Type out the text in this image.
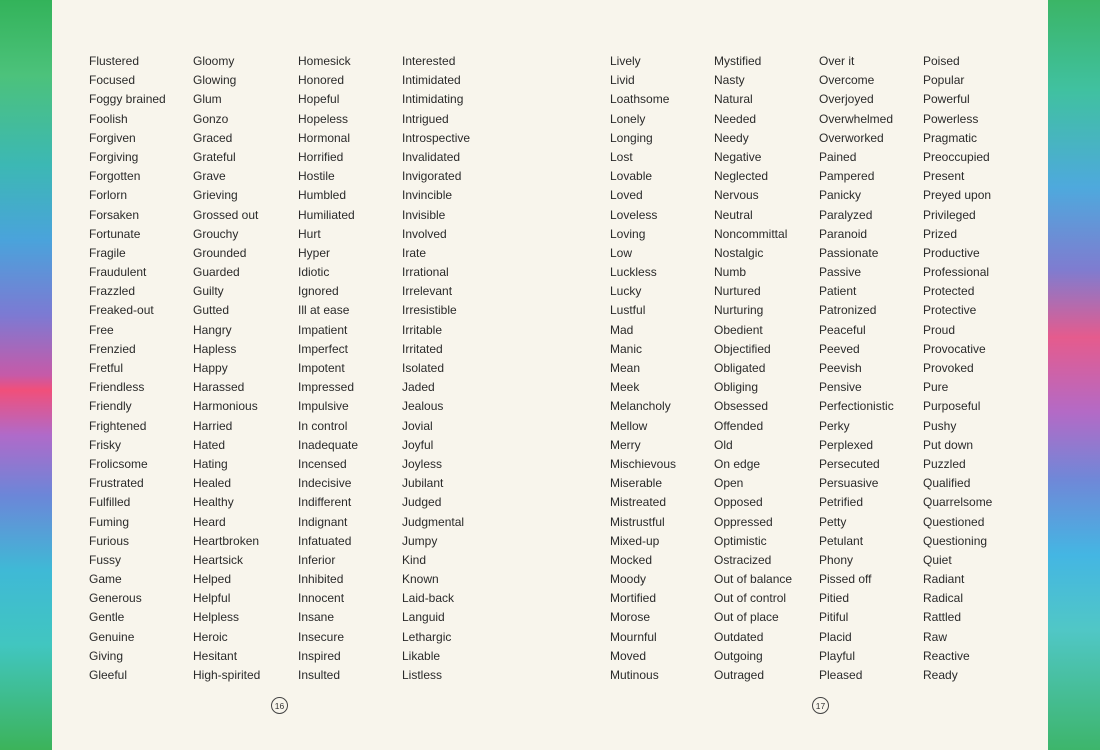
Flustered
Focused
Foggy brained
Foolish
Forgiven
Forgiving
Forgotten
Forlorn
Forsaken
Fortunate
Fragile
Fraudulent
Frazzled
Freaked-out
Free
Frenzied
Fretful
Friendless
Friendly
Frightened
Frisky
Frolicsome
Frustrated
Fulfilled
Fuming
Furious
Fussy
Game
Generous
Gentle
Genuine
Giving
Gleeful
Gloomy
Glowing
Glum
Gonzo
Graced
Grateful
Grave
Grieving
Grossed out
Grouchy
Grounded
Guarded
Guilty
Gutted
Hangry
Hapless
Happy
Harassed
Harmonious
Harried
Hated
Hating
Healed
Healthy
Heard
Heartbroken
Heartsick
Helped
Helpful
Helpless
Heroic
Hesitant
High-spirited
Homesick
Honored
Hopeful
Hopeless
Hormonal
Horrified
Hostile
Humbled
Humiliated
Hurt
Hyper
Idiotic
Ignored
Ill at ease
Impatient
Imperfect
Impotent
Impressed
Impulsive
In control
Inadequate
Incensed
Indecisive
Indifferent
Indignant
Infatuated
Inferior
Inhibited
Innocent
Insane
Insecure
Inspired
Insulted
Interested
Intimidated
Intimidating
Intrigued
Introspective
Invalidated
Invigorated
Invincible
Invisible
Involved
Irate
Irrational
Irrelevant
Irresistible
Irritable
Irritated
Isolated
Jaded
Jealous
Jovial
Joyful
Joyless
Jubilant
Judged
Judgmental
Jumpy
Kind
Known
Laid-back
Languid
Lethargic
Likable
Listless
16
Lively
Livid
Loathsome
Lonely
Longing
Lost
Lovable
Loved
Loveless
Loving
Low
Luckless
Lucky
Lustful
Mad
Manic
Mean
Meek
Melancholy
Mellow
Merry
Mischievous
Miserable
Mistreated
Mistrustful
Mixed-up
Mocked
Moody
Mortified
Morose
Mournful
Moved
Mutinous
Mystified
Nasty
Natural
Needed
Needy
Negative
Neglected
Nervous
Neutral
Noncommittal
Nostalgic
Numb
Nurtured
Nurturing
Obedient
Objectified
Obligated
Obliging
Obsessed
Offended
Old
On edge
Open
Opposed
Oppressed
Optimistic
Ostracized
Out of balance
Out of control
Out of place
Outdated
Outgoing
Outraged
Over it
Overcome
Overjoyed
Overwhelmed
Overworked
Pained
Pampered
Panicky
Paralyzed
Paranoid
Passionate
Passive
Patient
Patronized
Peaceful
Peeved
Peevish
Pensive
Perfectionistic
Perky
Perplexed
Persecuted
Persuasive
Petrified
Petty
Petulant
Phony
Pissed off
Pitied
Pitiful
Placid
Playful
Pleased
Poised
Popular
Powerful
Powerless
Pragmatic
Preoccupied
Present
Preyed upon
Privileged
Prized
Productive
Professional
Protected
Protective
Proud
Provocative
Provoked
Pure
Purposeful
Pushy
Put down
Puzzled
Qualified
Quarrelsome
Questioned
Questioning
Quiet
Radiant
Radical
Rattled
Raw
Reactive
Ready
17
